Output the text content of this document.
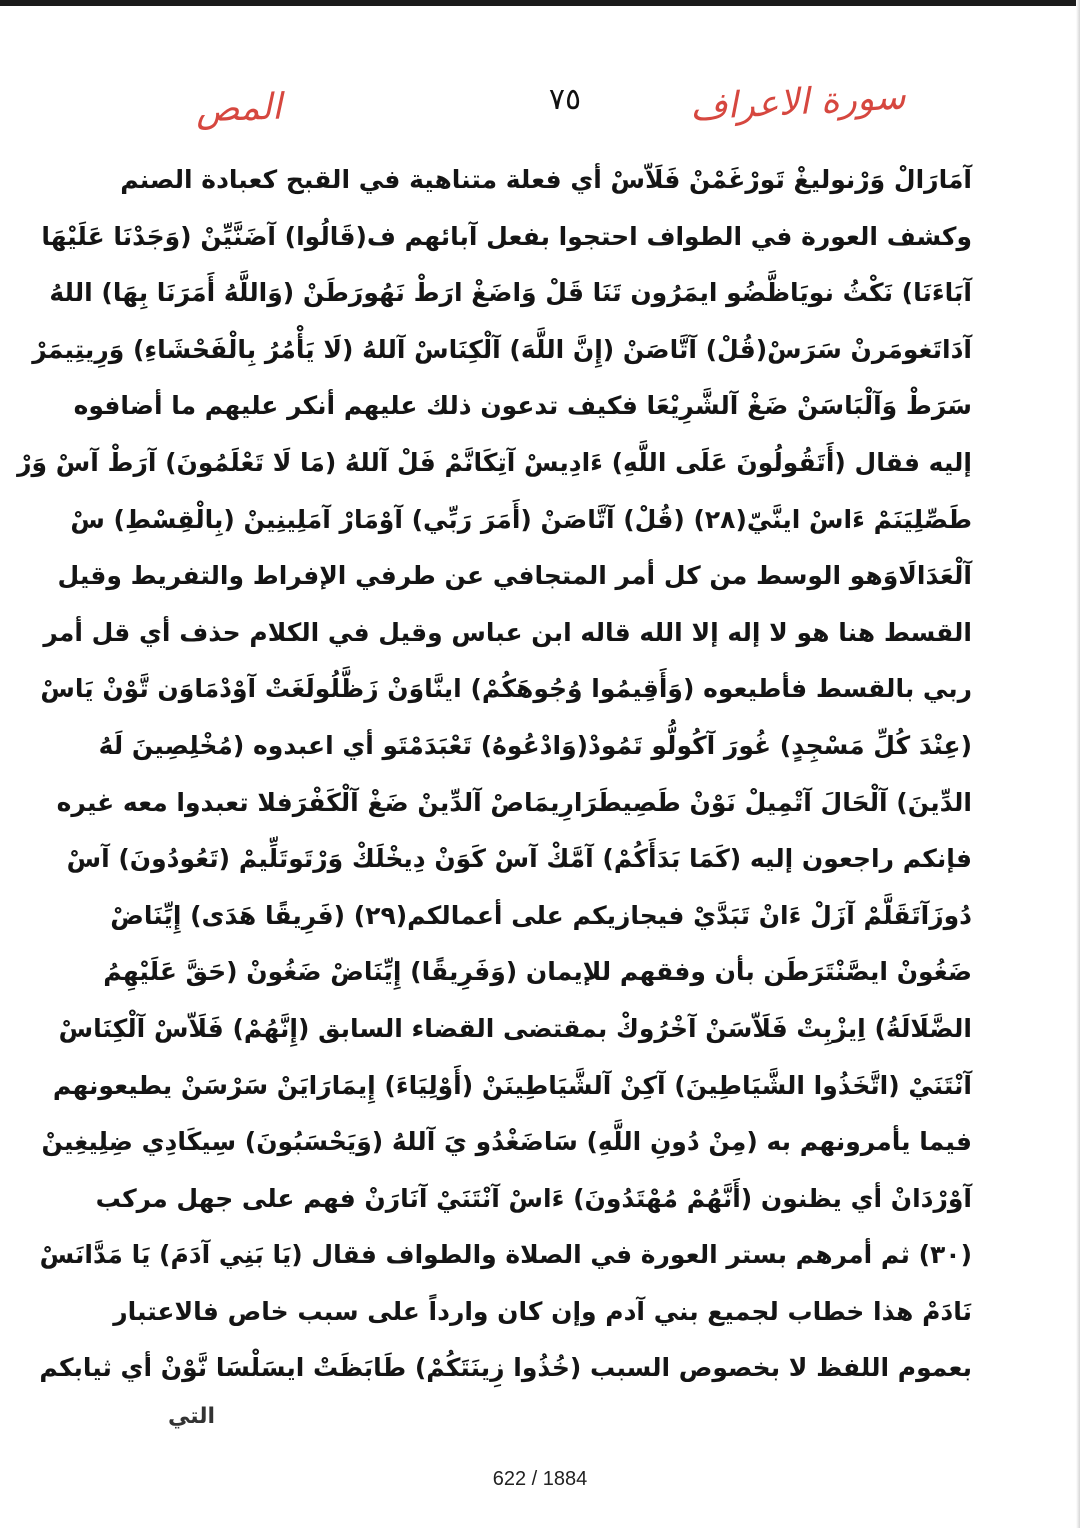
٧٥	سورة الاعراف
المص
آمَارَالْ وَرْنوليغْ تَورْغَمْنْ فَلَاّسْ أي فعلة متناهية في القبح كعبادة الصنم
وكشف العورة في الطواف احتجوا بفعل آبائهم ف(قَالُوا) آضَنَّيِّنْ (وَجَدْنَا عَلَيْهَا
آبَاءَنَا) نَكْثُ نويَاظَّضُو ايمَرُون تَنَا قَلْ وَاضَغْ ارَطْ نَهُورَطَنْ (وَاللَّهُ أَمَرَنَا بِهَا) اللهُ
آدَاتَغومَرنْ سَرَسْ(قُلْ) آتَّاصَنْ (إِنَّ اللَّهَ) آلْكِنَاسْ آللهُ (لَا يَأْمُرُ بِالْفَحْشَاءِ) وَرِيتِيمَرْ
سَرَطْ وَآلْبَاسَنْ ضَغْ آلشَّرِيْعَا فكيف تدعون ذلك عليهم أنكر عليهم ما أضافوه
إليه فقال (أَتَقُولُونَ عَلَى اللَّهِ) ءَادِيسْ آتِكَانَّمْ فَلْ آللهُ (مَا لَا تَعْلَمُونَ) آرَطْ آسْ وَرْ
طَصِّلِيَنَمْ ءَاسْ اينَّيّ(٢٨) (قُلْ) آتَّاصَنْ (أَمَرَ رَبِّي) آوْمَارْ آمَلِينِينْ (بِالْقِسْطِ) سْ
آلْعَدَالَاوَهو الوسط من كل أمر المتجافي عن طرفي الإفراط والتفريط وقيل
القسط هنا هو لا إله إلا الله قاله ابن عباس وقيل في الكلام حذف أي قل أمر
ربي بالقسط فأطيعوه (وَأَقِيمُوا وُجُوهَكُمْ) اينَّاوَنْ زَظَّلُولَغَتْ آوْدْمَاوَن تَّوْنْ يَاسْ
(عِنْدَ كُلِّ مَسْجِدٍ) غُورَ آكُولُّو تَمُودْ(وَادْعُوهُ) تَعْبَدَمْتَو أي اعبدوه (مُخْلِصِينَ لَهُ
الدِّينَ) آلْحَالَ آتْمِيلْ نَوْنْ طَصِيطَرَارِيمَاصْ آلدِّينْ ضَغْ آلْكَفْرَفلا تعبدوا معه غيره
فإنكم راجعون إليه (كَمَا بَدَأَكُمْ) آمَّكْ آسْ كَوَنْ دِيخْلَكْ وَرْتَوتَلِّيمْ (تَعُودُونَ) آسْ
دُوزَآتَقَلَّمْ آزَلْ ءَانْ تَبَدَّيْ فيجازيكم على أعمالكم(٢٩) (فَرِيقًا هَدَى) إِيِّنَاضْ
ضَغُونْ ايصَّنْتَرَطَن بأن وفقهم للإيمان (وَفَرِيقًا) إِيِّنَاضْ ضَغُونْ (حَقَّ عَلَيْهِمُ
الضَّلَالَةُ) اِيزْبِتْ فَلَاّسَنْ آخْرُوكْ بمقتضى القضاء السابق (إِنَّهُمْ) فَلَاّسْ آلْكِنَاسْ
آنْتَنَيْ (اتَّخَذُوا الشَّيَاطِينَ) آكِنْ آلشَّيَاطِينَنْ (أَوْلِيَاءَ) إِيمَارَايَنْ سَرْسَنْ يطيعونهم
فيما يأمرونهم به (مِنْ دُونِ اللَّهِ) سَاضَغْدُو يَ آللهُ (وَيَحْسَبُونَ) سِيكَادِي ضِلِيغِينْ
آوْرْدَانْ أي يظنون (أَنَّهُمْ مُهْتَدُونَ) ءَاسْ آنْتَنَيْ آنَارَنْ فهم على جهل مركب
(٣٠) ثم أمرهم بستر العورة في الصلاة والطواف فقال (يَا بَنِي آدَمَ) يَا مَدَّانَسْ
نَادَمْ هذا خطاب لجميع بني آدم وإن كان وارداً على سبب خاص فالاعتبار
بعموم اللفظ لا بخصوص السبب (خُذُوا زِينَتَكُمْ) طَابَظَتْ ايسَلْسَا نَّوْنْ أي ثيابكم
التي
622 / 1884
